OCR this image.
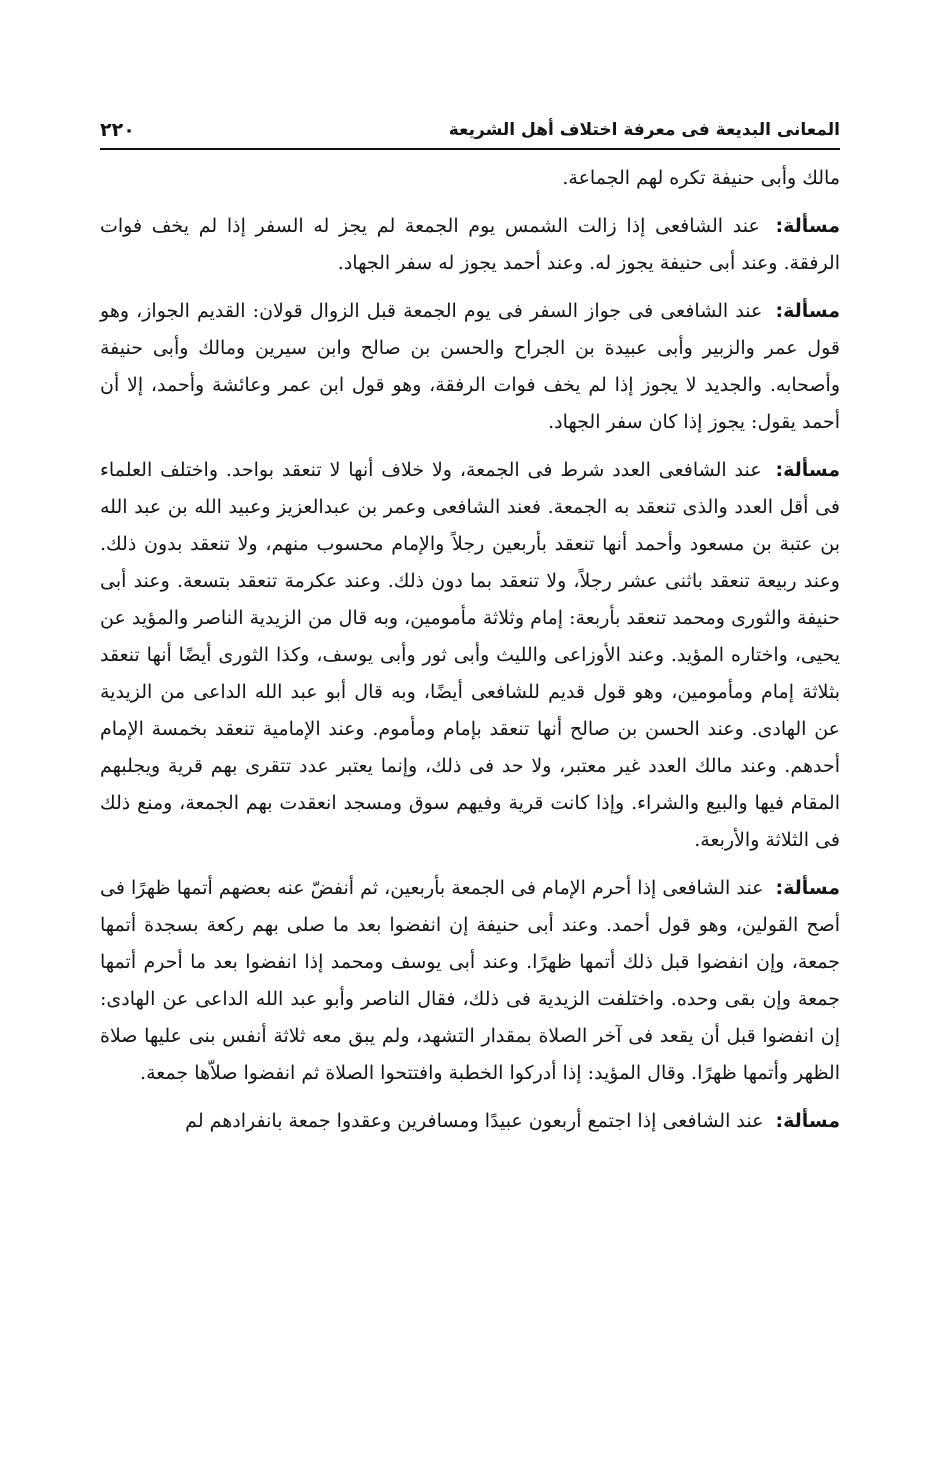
المعانى البديعة فى معرفة اختلاف أهل الشريعة
٢٢٠

مالك وأبى حنيفة تكره لهم الجماعة.

مسألة: عند الشافعى إذا زالت الشمس يوم الجمعة لم يجز له السفر إذا لم يخف فوات الرفقة. وعند أبى حنيفة يجوز له. وعند أحمد يجوز له سفر الجهاد.

مسألة: عند الشافعى فى جواز السفر فى يوم الجمعة قبل الزوال قولان: القديم الجواز، وهو قول عمر والزبير وأبى عبيدة بن الجراح والحسن بن صالح وابن سيرين ومالك وأبى حنيفة وأصحابه. والجديد لا يجوز إذا لم يخف فوات الرفقة، وهو قول ابن عمر وعائشة وأحمد، إلا أن أحمد يقول: يجوز إذا كان سفر الجهاد.

مسألة: عند الشافعى العدد شرط فى الجمعة، ولا خلاف أنها لا تنعقد بواحد. واختلف العلماء فى أقل العدد والذى تنعقد به الجمعة. فعند الشافعى وعمر بن عبدالعزيز وعبيد الله بن عبد الله بن عتبة بن مسعود وأحمد أنها تنعقد بأربعين رجلاً والإمام محسوب منهم، ولا تنعقد بدون ذلك. وعند ربيعة تنعقد باثنى عشر رجلاً، ولا تنعقد بما دون ذلك. وعند عكرمة تنعقد بتسعة. وعند أبى حنيفة والثورى ومحمد تنعقد بأربعة: إمام وثلاثة مأمومين، وبه قال من الزيدية الناصر والمؤيد عن يحيى، واختاره المؤيد. وعند الأوزاعى والليث وأبى ثور وأبى يوسف، وكذا الثورى أيضًا أنها تنعقد بثلاثة إمام ومأمومين، وهو قول قديم للشافعى أيضًا، وبه قال أبو عبد الله الداعى من الزيدية عن الهادى. وعند الحسن بن صالح أنها تنعقد بإمام ومأموم. وعند الإمامية تنعقد بخمسة الإمام أحدهم. وعند مالك العدد غير معتبر، ولا حد فى ذلك، وإنما يعتبر عدد تتقرى بهم قرية ويجلبهم المقام فيها والبيع والشراء. وإذا كانت قرية وفيهم سوق ومسجد انعقدت بهم الجمعة، ومنع ذلك فى الثلاثة والأربعة.

مسألة: عند الشافعى إذا أحرم الإمام فى الجمعة بأربعين، ثم أنفضّ عنه بعضهم أتمها ظهرًا فى أصح القولين، وهو قول أحمد. وعند أبى حنيفة إن انفضوا بعد ما صلى بهم ركعة بسجدة أتمها جمعة، وإن انفضوا قبل ذلك أتمها ظهرًا. وعند أبى يوسف ومحمد إذا انفضوا بعد ما أحرم أتمها جمعة وإن بقى وحده. واختلفت الزيدية فى ذلك، فقال الناصر وأبو عبد الله الداعى عن الهادى: إن انفضوا قبل أن يقعد فى آخر الصلاة بمقدار التشهد، ولم يبق معه ثلاثة أنفس بنى عليها صلاة الظهر وأتمها ظهرًا. وقال المؤيد: إذا أدركوا الخطبة وافتتحوا الصلاة ثم انفضوا صلاّها جمعة.

مسألة: عند الشافعى إذا اجتمع أربعون عبيدًا ومسافرين وعقدوا جمعة بانفرادهم لم
